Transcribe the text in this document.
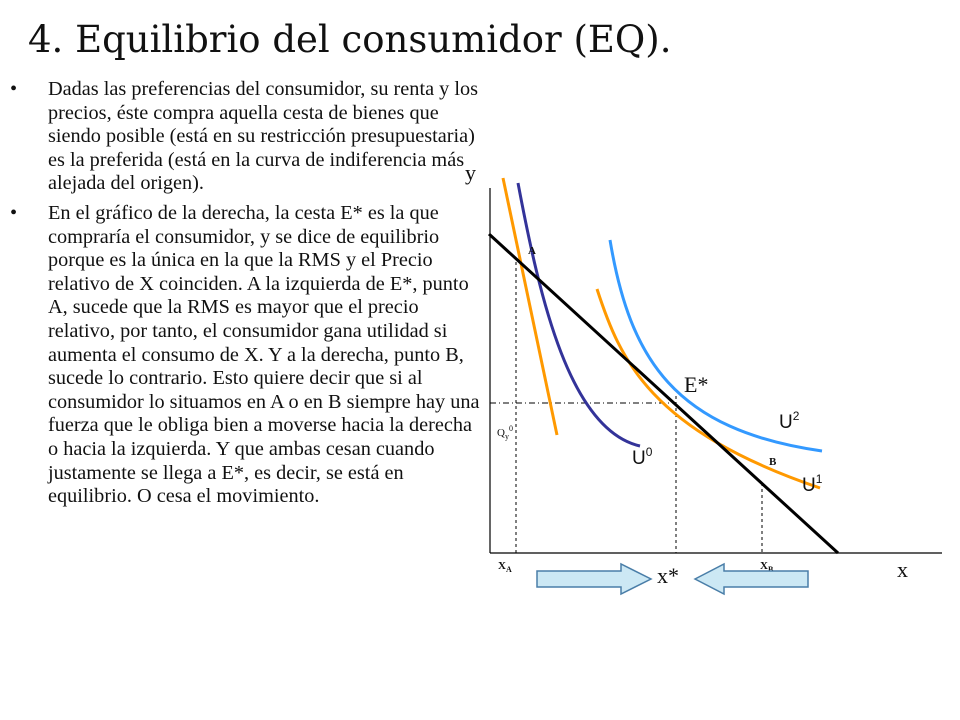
4. Equilibrio del consumidor (EQ).
• Dadas las preferencias del consumidor, su renta y los precios, éste compra aquella cesta de bienes que siendo posible (está en su restricción presupuestaria) es la preferida (está en la curva de indiferencia más alejada del origen).
• En el gráfico de la derecha, la cesta E* es la que compraría el consumidor, y se dice de equilibrio porque es la única en la que la RMS y el Precio relativo de X coinciden. A la izquierda de E*, punto A, sucede que la RMS es mayor que el precio relativo, por tanto, el consumidor gana utilidad si aumenta el consumo de X. Y a la derecha, punto B, sucede lo contrario. Esto quiere decir que si al consumidor lo situamos en A o en B siempre hay una fuerza que le obliga bien a moverse hacia la derecha o hacia la izquierda. Y que ambas cesan cuando justamente se llega a E*, es decir, se está en equilibrio. O cesa el movimiento.
y
x
A
B
E*
$Q_y^0$
$U^0$
$U^1$
$U^2$
$X_A$	$X_B$
x*
